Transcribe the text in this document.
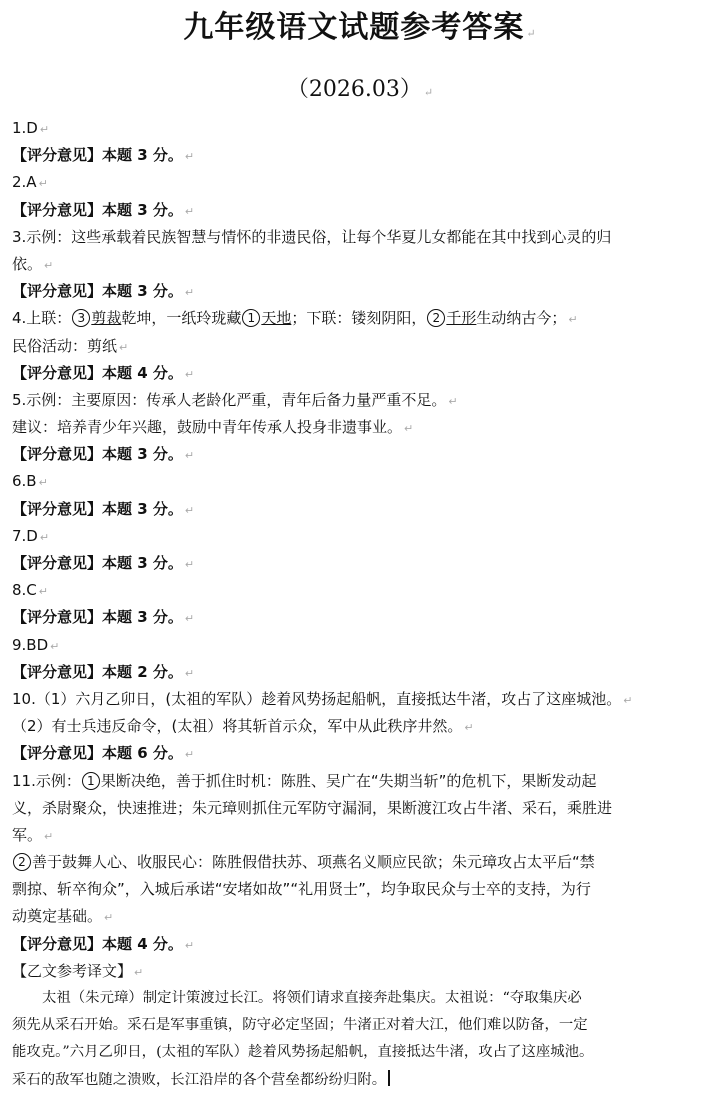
九年级语文试题参考答案 ↵
（2026.03） ↵
1.D ↵
【评分意见】本题 3 分。 ↵
2.A ↵
【评分意见】本题 3 分。 ↵
3.示例：这些承载着民族智慧与情怀的非遗民俗，让每个华夏儿女都能在其中找到心灵的归
依。 ↵
【评分意见】本题 3 分。 ↵
4.上联： 3 剪裁乾坤，一纸玲珑藏 1 天地；下联：镂刻阴阳， 2 千形生动纳古今； ↵
民俗活动：剪纸 ↵
【评分意见】本题 4 分。 ↵
5.示例：主要原因：传承人老龄化严重，青年后备力量严重不足。 ↵
建议：培养青少年兴趣，鼓励中青年传承人投身非遗事业。 ↵
【评分意见】本题 3 分。 ↵
6.B ↵
【评分意见】本题 3 分。 ↵
7.D ↵
【评分意见】本题 3 分。 ↵
8.C ↵
【评分意见】本题 3 分。 ↵
9.BD ↵
【评分意见】本题 2 分。 ↵
10.（1）六月乙卯日，(太祖的军队）趁着风势扬起船帆，直接抵达牛渚，攻占了这座城池。 ↵
（2）有士兵违反命令，(太祖）将其斩首示众，军中从此秩序井然。 ↵
【评分意见】本题 6 分。 ↵
11.示例： 1 果断决绝，善于抓住时机：陈胜、吴广在“失期当斩”的危机下，果断发动起
义，杀尉聚众，快速推进；朱元璋则抓住元军防守漏洞，果断渡江攻占牛渚、采石，乘胜进
军。 ↵
2 善于鼓舞人心、收服民心：陈胜假借扶苏、项燕名义顺应民欲；朱元璋攻占太平后“禁
剽掠、斩卒徇众”，入城后承诺“安堵如故”“礼用贤士”，均争取民众与士卒的支持，为行
动奠定基础。 ↵
【评分意见】本题 4 分。 ↵
【乙文参考译文】 ↵
太祖（朱元璋）制定计策渡过长江。将领们请求直接奔赴集庆。太祖说：“夺取集庆必
须先从采石开始。采石是军事重镇，防守必定坚固；牛渚正对着大江，他们难以防备，一定
能攻克。”六月乙卯日，(太祖的军队）趁着风势扬起船帆，直接抵达牛渚，攻占了这座城池。
采石的敌军也随之溃败，长江沿岸的各个营垒都纷纷归附。
